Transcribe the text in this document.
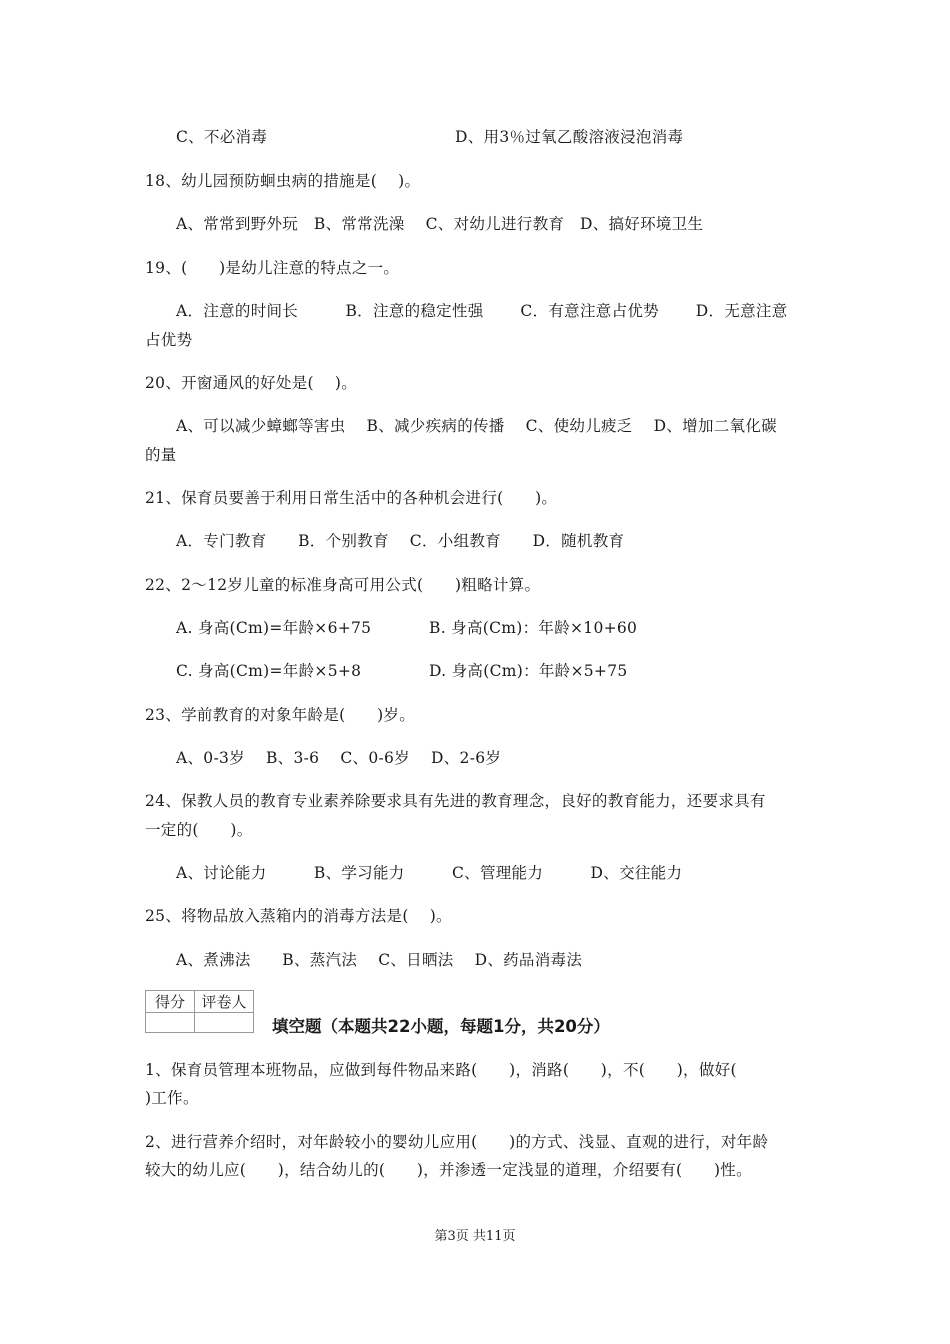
C、不必消毒	D、用3％过氧乙酸溶液浸泡消毒
18、幼儿园预防蛔虫病的措施是(　 )。
A、常常到野外玩　B、常常洗澡　 C、对幼儿进行教育　D、搞好环境卫生
19、(　　)是幼儿注意的特点之一。
A．注意的时间长　　　B．注意的稳定性强　　 C．有意注意占优势　　 D．无意注意
占优势
20、开窗通风的好处是(　 )。
A、可以减少蟑螂等害虫　 B、减少疾病的传播　 C、使幼儿疲乏　 D、增加二氧化碳
的量
21、保育员要善于利用日常生活中的各种机会进行(　　)。
A．专门教育　　B．个别教育　 C．小组教育　　D．随机教育
22、2～12岁儿童的标准身高可用公式(　　)粗略计算。
A. 身高(Cm)=年龄×6+75	B. 身高(Cm)：年龄×10+60
C. 身高(Cm)=年龄×5+8	D. 身高(Cm)：年龄×5+75
23、学前教育的对象年龄是(　　)岁。
A、0-3岁　 B、3-6　 C、0-6岁　 D、2-6岁
24、保教人员的教育专业素养除要求具有先进的教育理念，良好的教育能力，还要求具有
一定的(　　)。
A、讨论能力　　　B、学习能力　　　C、管理能力　　　D、交往能力
25、将物品放入蒸箱内的消毒方法是(　 )。
A、煮沸法　　B、蒸汽法　 C、日晒法　 D、药品消毒法
得分	评卷人

填空题（本题共22小题，每题1分，共20分）
1、保育员管理本班物品，应做到每件物品来路(　　)，消路(　　)，不(　　)，做好(
)工作。
2、进行营养介绍时，对年龄较小的婴幼儿应用(　　)的方式、浅显、直观的进行，对年龄
较大的幼儿应(　　)，结合幼儿的(　　)，并渗透一定浅显的道理，介绍要有(　　)性。
第3页 共11页
